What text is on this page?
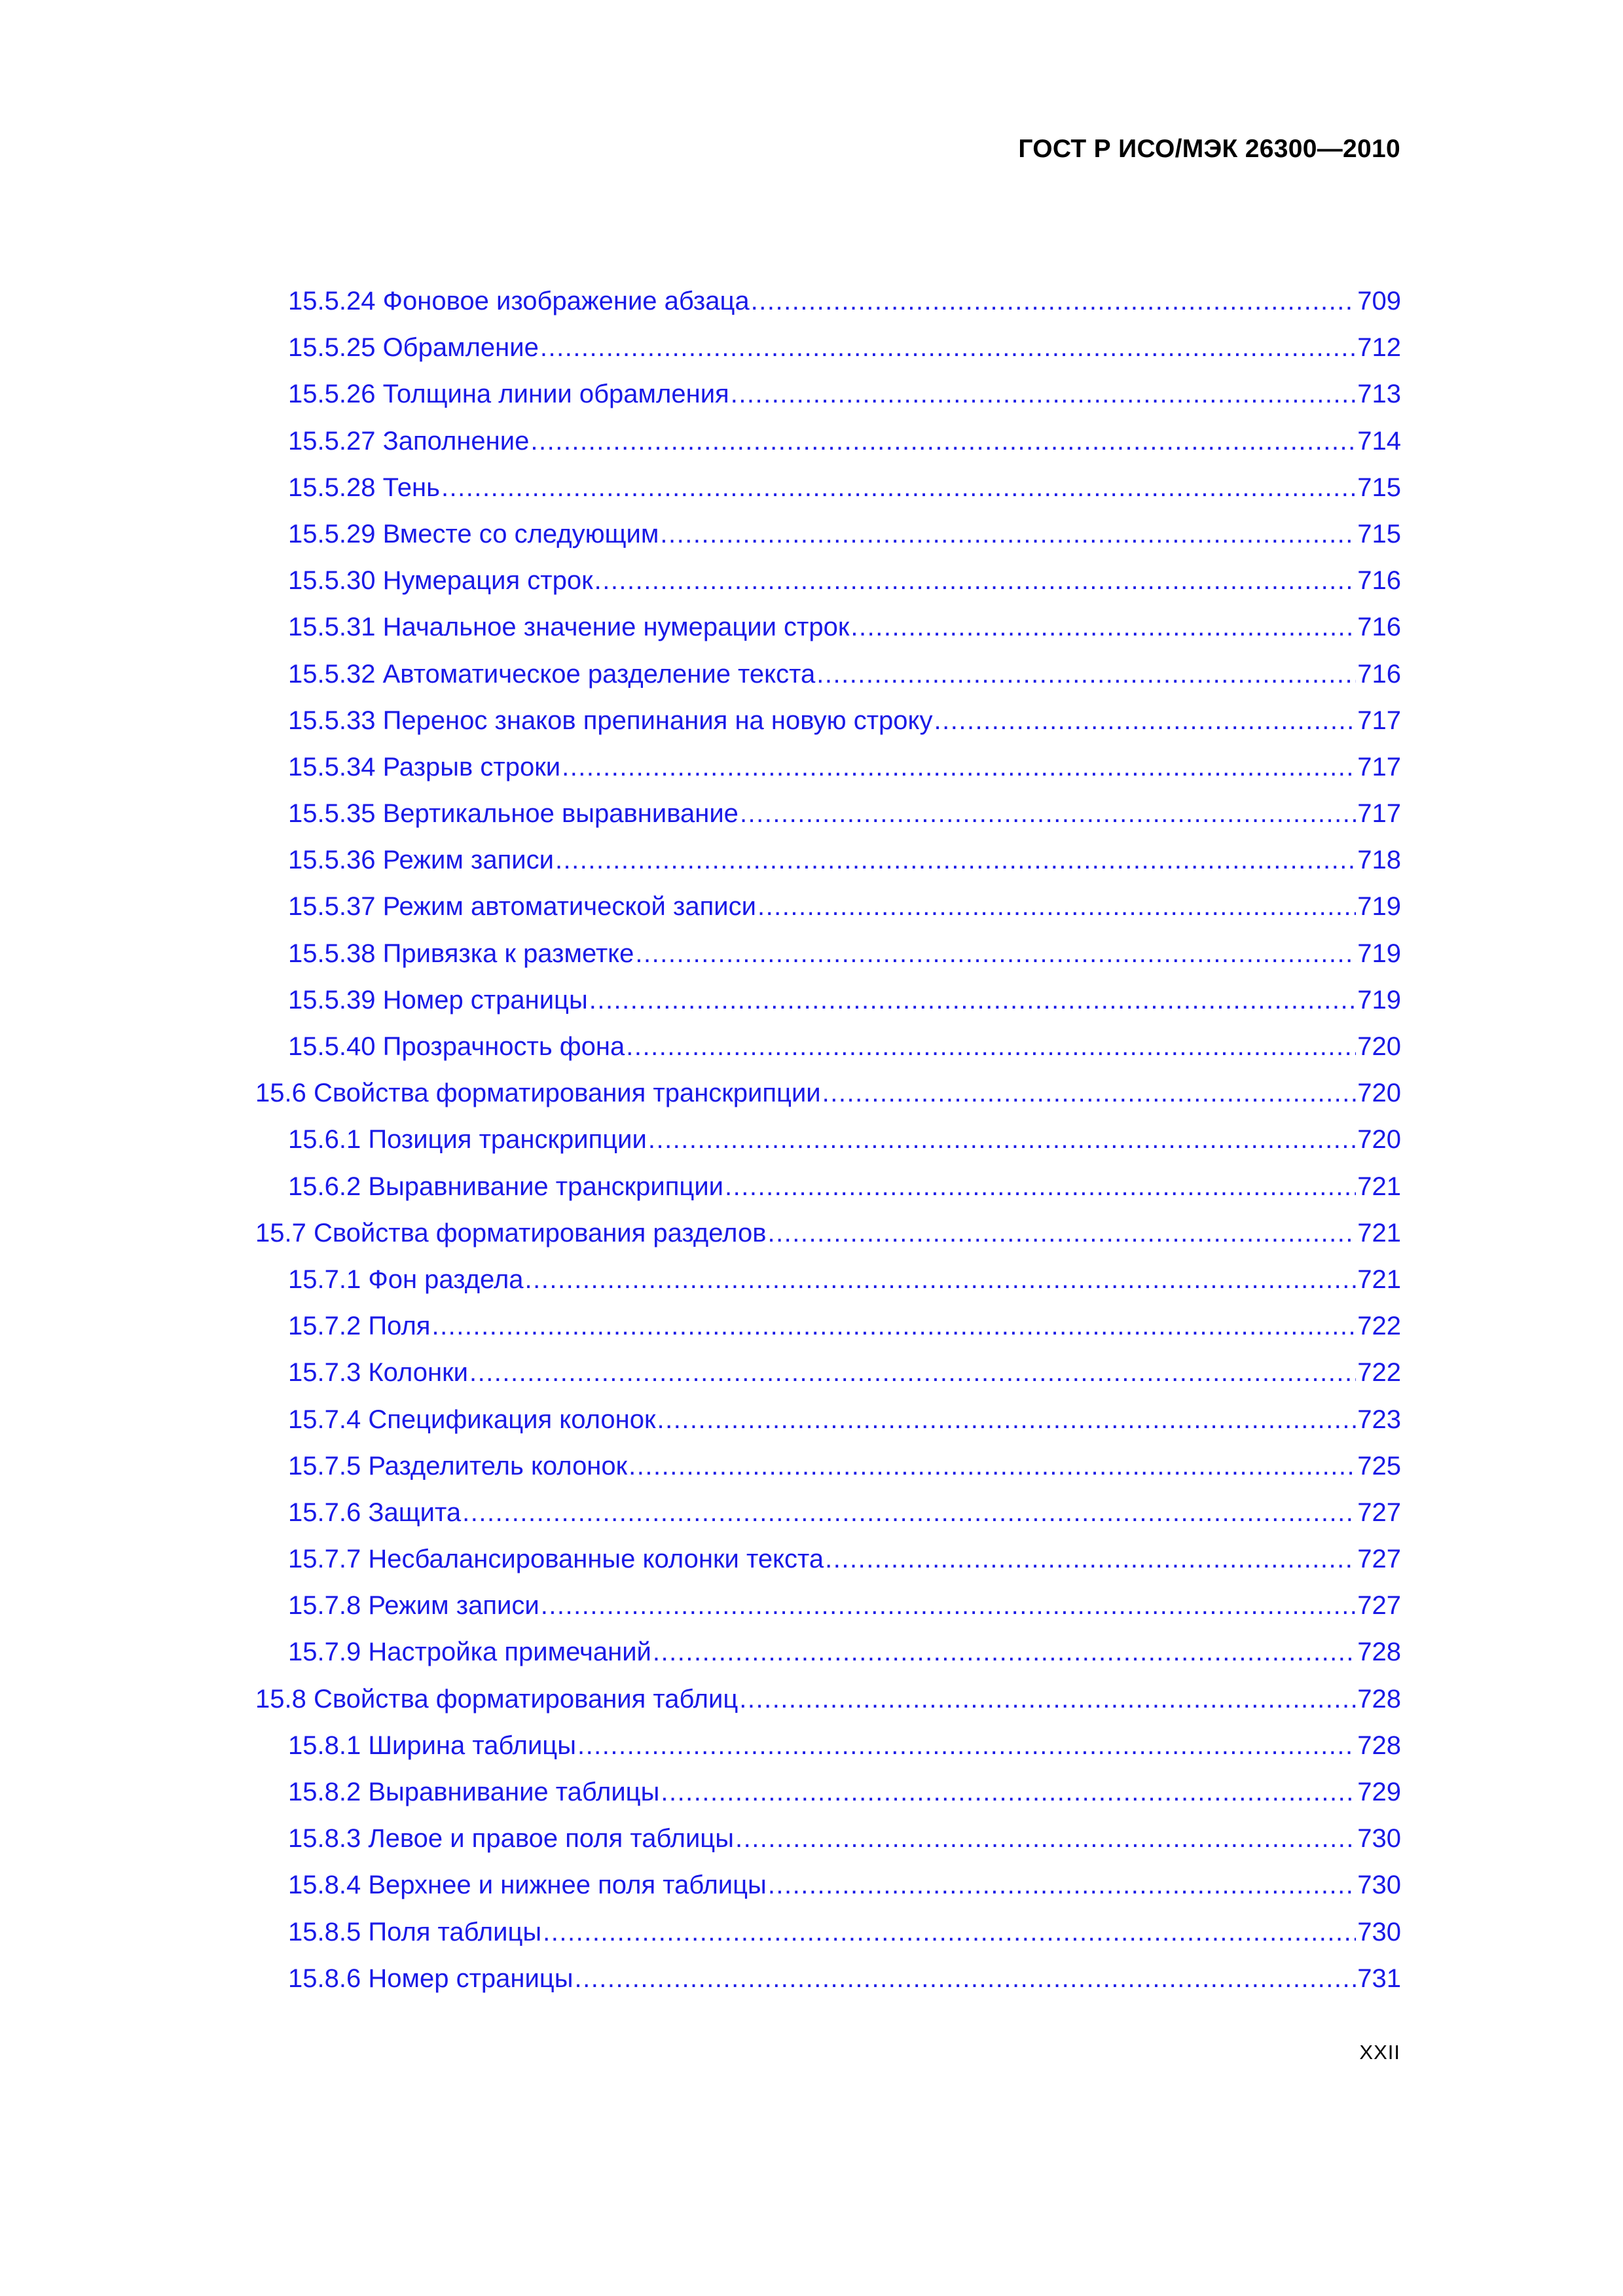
ГОСТ Р ИСО/МЭК 26300—2010
15.5.24 Фоновое изображение абзаца .....	709
15.5.25 Обрамление .....	712
15.5.26 Толщина линии обрамления .....	713
15.5.27 Заполнение .....	714
15.5.28 Тень .....	715
15.5.29 Вместе со следующим .....	715
15.5.30 Нумерация строк .....	716
15.5.31 Начальное значение нумерации строк .....	716
15.5.32 Автоматическое разделение текста .....	716
15.5.33 Перенос знаков препинания на новую строку .....	717
15.5.34 Разрыв строки .....	717
15.5.35 Вертикальное выравнивание .....	717
15.5.36 Режим записи .....	718
15.5.37 Режим автоматической записи .....	719
15.5.38 Привязка к разметке .....	719
15.5.39 Номер страницы .....	719
15.5.40 Прозрачность фона .....	720
15.6 Свойства форматирования транскрипции .....	720
15.6.1 Позиция транскрипции .....	720
15.6.2 Выравнивание транскрипции .....	721
15.7 Свойства форматирования разделов .....	721
15.7.1 Фон раздела .....	721
15.7.2 Поля .....	722
15.7.3 Колонки .....	722
15.7.4 Спецификация колонок .....	723
15.7.5 Разделитель колонок .....	725
15.7.6 Защита .....	727
15.7.7 Несбалансированные колонки текста .....	727
15.7.8 Режим записи .....	727
15.7.9 Настройка примечаний .....	728
15.8 Свойства форматирования таблиц .....	728
15.8.1 Ширина таблицы .....	728
15.8.2 Выравнивание таблицы .....	729
15.8.3 Левое и правое поля таблицы .....	730
15.8.4 Верхнее и нижнее поля таблицы .....	730
15.8.5 Поля таблицы .....	730
15.8.6 Номер страницы .....	731
XXII
